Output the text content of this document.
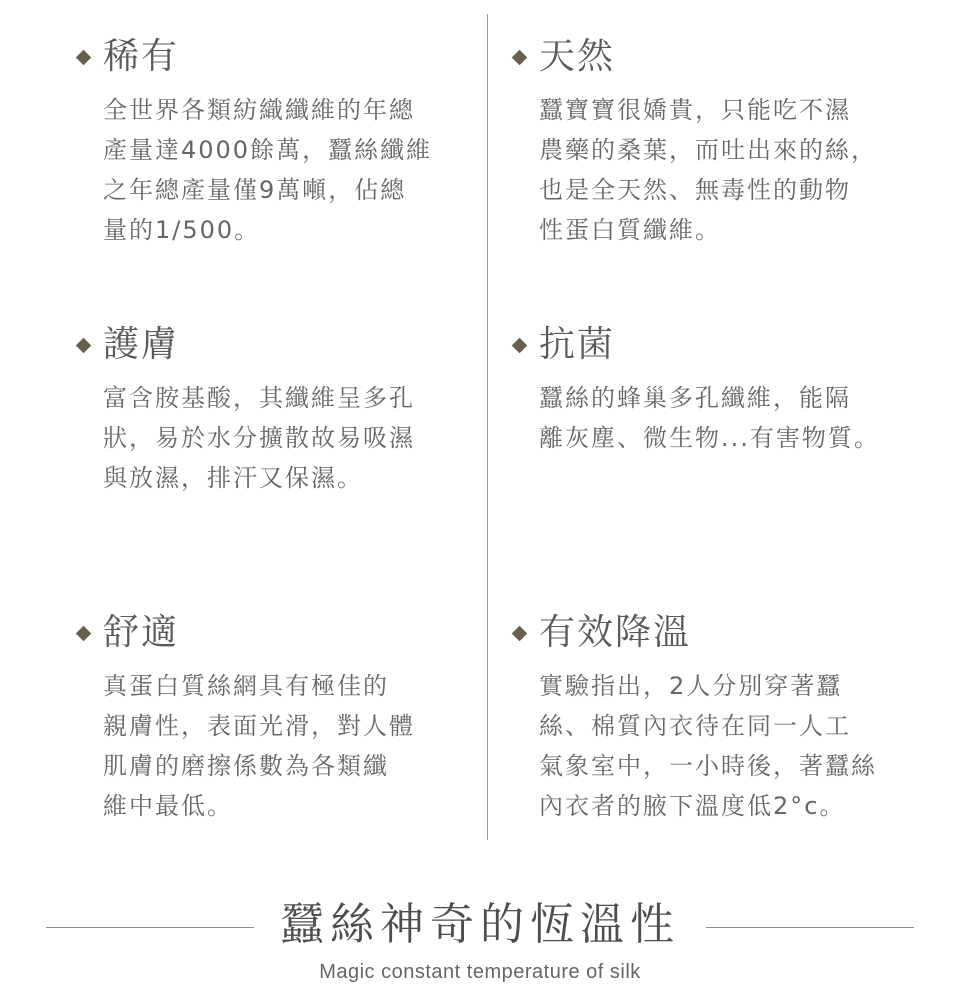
稀有
全世界各類紡織纖維的年總
產量達4000餘萬，蠶絲纖維
之年總產量僅9萬噸，佔總
量的1/500。
天然
蠶寶寶很嬌貴，只能吃不濕
農藥的桑葉，而吐出來的絲，
也是全天然、無毒性的動物
性蛋白質纖維。
護膚
富含胺基酸，其纖維呈多孔
狀，易於水分擴散故易吸濕
與放濕，排汗又保濕。
抗菌
蠶絲的蜂巢多孔纖維，能隔
離灰塵、微生物...有害物質。
舒適
真蛋白質絲網具有極佳的
親膚性，表面光滑，對人體
肌膚的磨擦係數為各類纖
維中最低。
有效降溫
實驗指出，2人分別穿著蠶
絲、棉質內衣待在同一人工
氣象室中，一小時後，著蠶絲
內衣者的腋下溫度低2°c。
蠶絲神奇的恆溫性
Magic constant temperature of silk
